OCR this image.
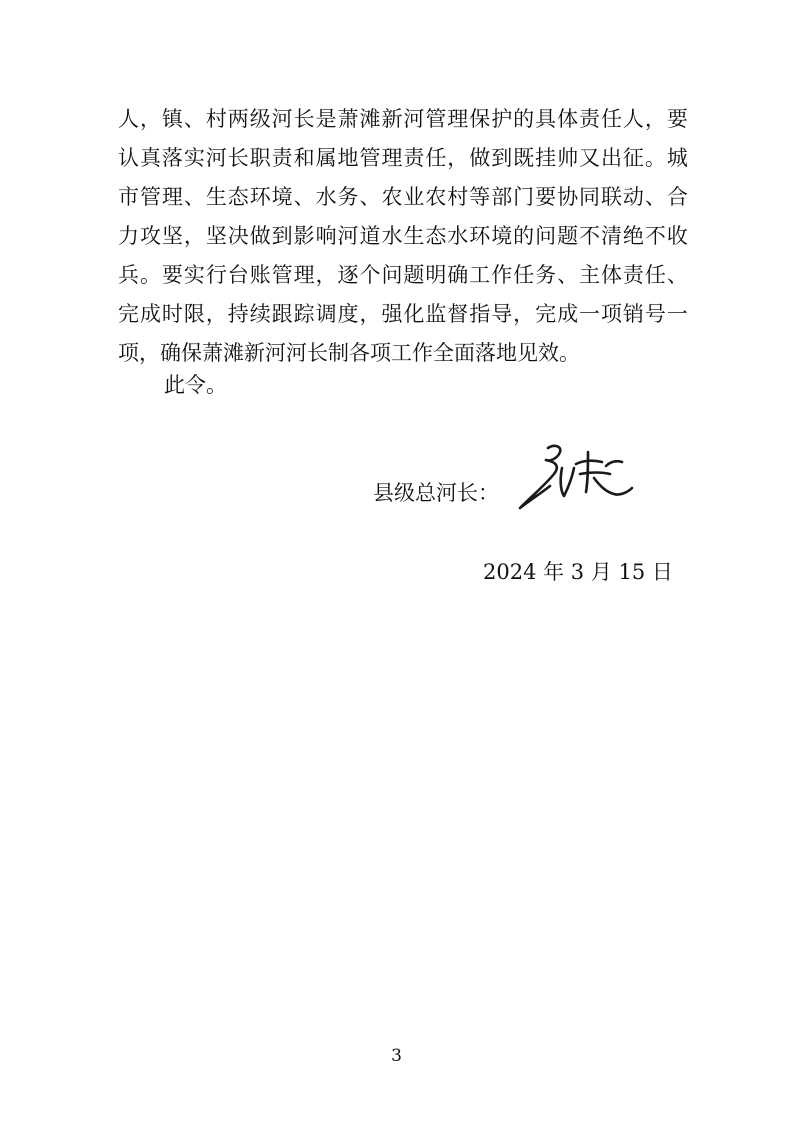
人 ， 镇 、 村 两 级 河 长 是 萧 滩 新 河 管 理 保 护 的 具 体 责 任 人 ， 要
认 真 落 实 河 长 职 责 和 属 地 管 理 责 任 ， 做 到 既 挂 帅 又 出 征 。 城
市 管 理 、 生 态 环 境 、 水 务 、 农 业 农 村 等 部 门 要 协 同 联 动 、 合
力 攻 坚 ， 坚 决 做 到 影 响 河 道 水 生 态 水 环 境 的 问 题 不 清 绝 不 收
兵 。 要 实 行 台 账 管 理 ， 逐 个 问 题 明 确 工 作 任 务 、 主 体 责 任 、
完 成 时 限 ， 持 续 跟 踪 调 度 ， 强 化 监 督 指 导 ， 完 成 一 项 销 号 一
项，确保萧滩新河河长制各项工作全面落地见效。
此令。
县级总河长：
2024 年 3 月 15 日
3
